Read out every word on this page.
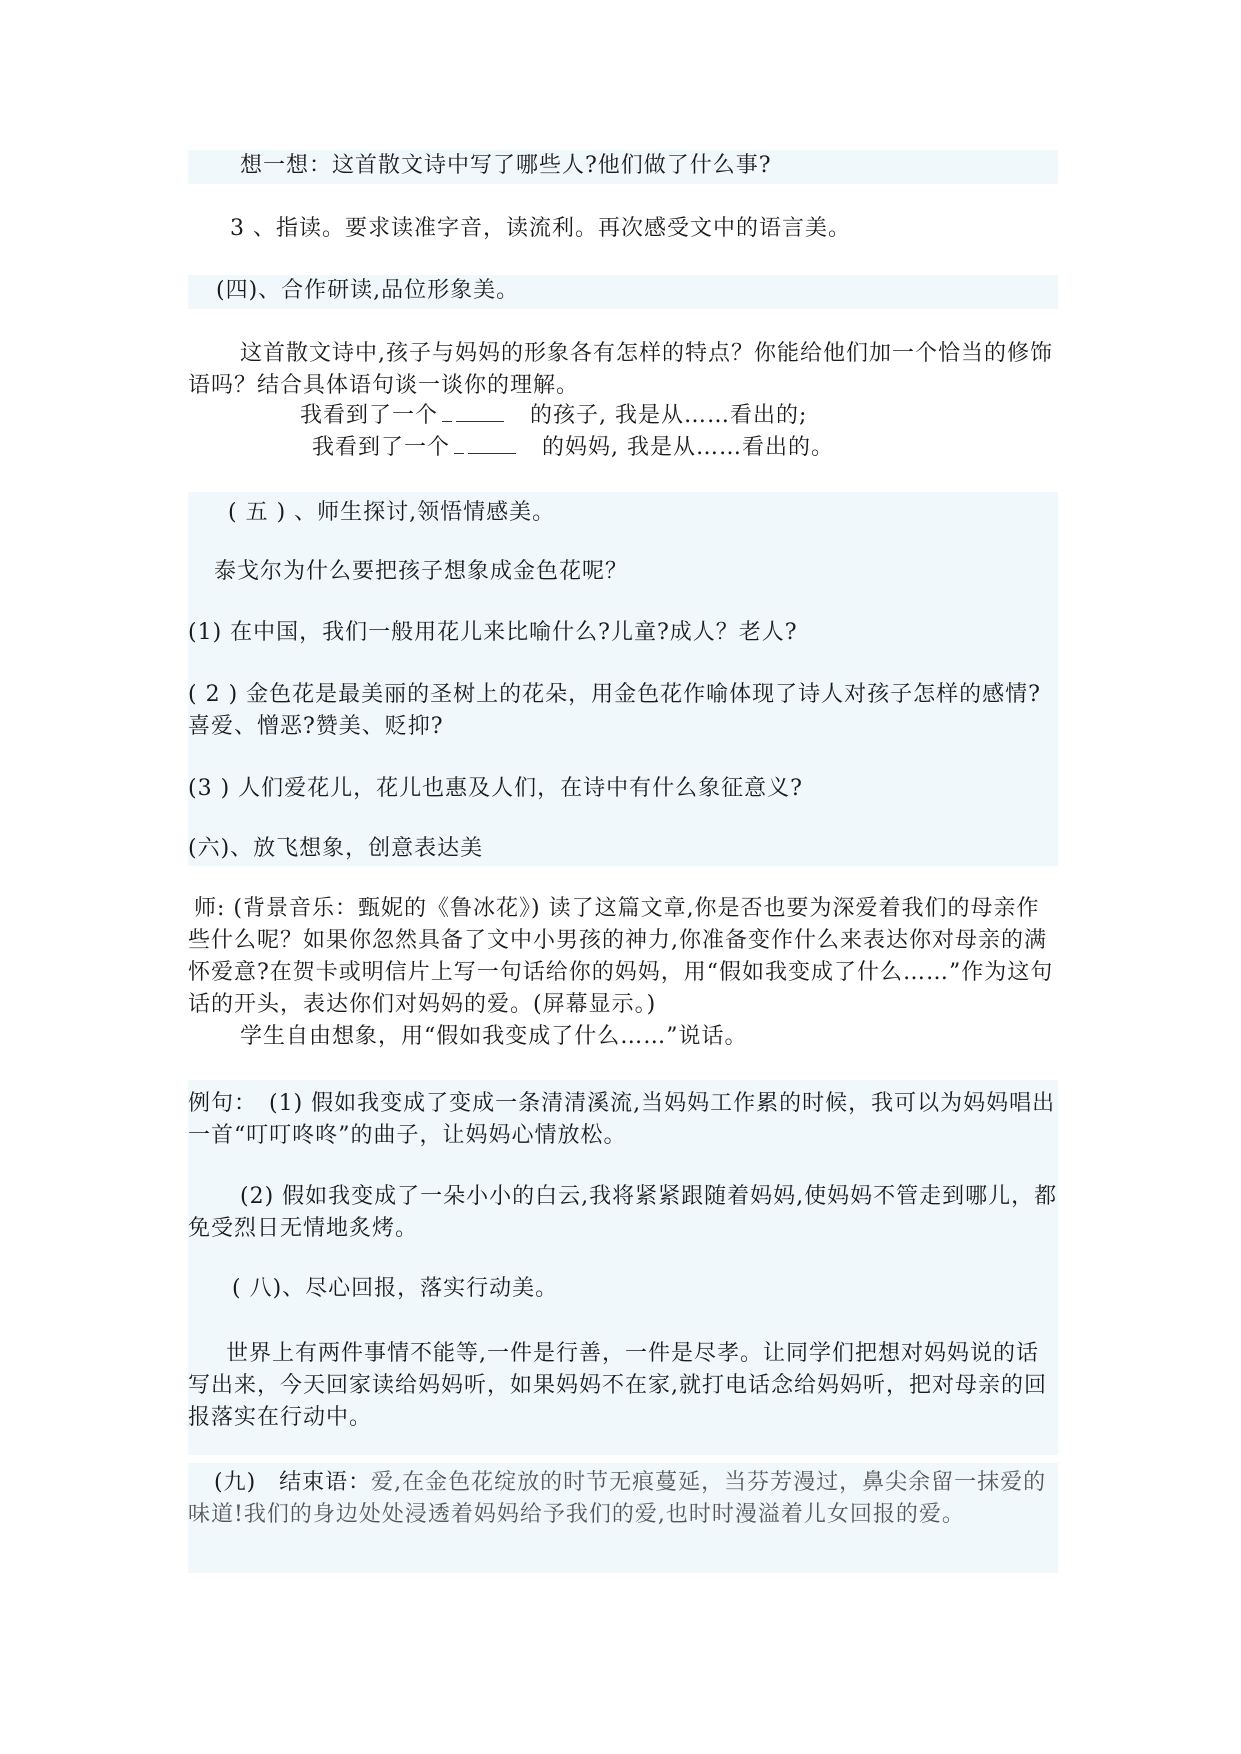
想一想：这首散文诗中写了哪些人?他们做了什么事?
3 、指读。要求读准字音，读流利。再次感受文中的语言美。
(四)、合作研读,品位形象美。
这首散文诗中,孩子与妈妈的形象各有怎样的特点？你能给他们加一个恰当的修饰语吗？结合具体语句谈一谈你的理解。
我看到了一个	的孩子, 我是从……看出的;
我看到了一个	的妈妈, 我是从……看出的。
( 五 ) 、师生探讨,领悟情感美。
泰戈尔为什么要把孩子想象成金色花呢？
(1) 在中国，我们一般用花儿来比喻什么?儿童?成人？老人?
( 2 ) 金色花是最美丽的圣树上的花朵，用金色花作喻体现了诗人对孩子怎样的感情?喜爱、憎恶?赞美、贬抑?
(3 ) 人们爱花儿，花儿也惠及人们，在诗中有什么象征意义?
(六)、放飞想象，创意表达美
师: (背景音乐：甄妮的《鲁冰花》) 读了这篇文章,你是否也要为深爱着我们的母亲作些什么呢？如果你忽然具备了文中小男孩的神力,你准备变作什么来表达你对母亲的满怀爱意?在贺卡或明信片上写一句话给你的妈妈，用“假如我变成了什么……”作为这句话的开头，表达你们对妈妈的爱。(屏幕显示。)
学生自由想象，用“假如我变成了什么……”说话。
例句：　(1) 假如我变成了变成一条清清溪流,当妈妈工作累的时候，我可以为妈妈唱出一首“叮叮咚咚”的曲子，让妈妈心情放松。
(2) 假如我变成了一朵小小的白云,我将紧紧跟随着妈妈,使妈妈不管走到哪儿，都免受烈日无情地炙烤。
( 八)、尽心回报，落实行动美。
世界上有两件事情不能等,一件是行善，一件是尽孝。让同学们把想对妈妈说的话写出来，今天回家读给妈妈听，如果妈妈不在家,就打电话念给妈妈听，把对母亲的回报落实在行动中。
(九)　结束语：爱,在金色花绽放的时节无痕蔓延，当芬芳漫过，鼻尖余留一抹爱的味道!我们的身边处处浸透着妈妈给予我们的爱,也时时漫溢着儿女回报的爱。
